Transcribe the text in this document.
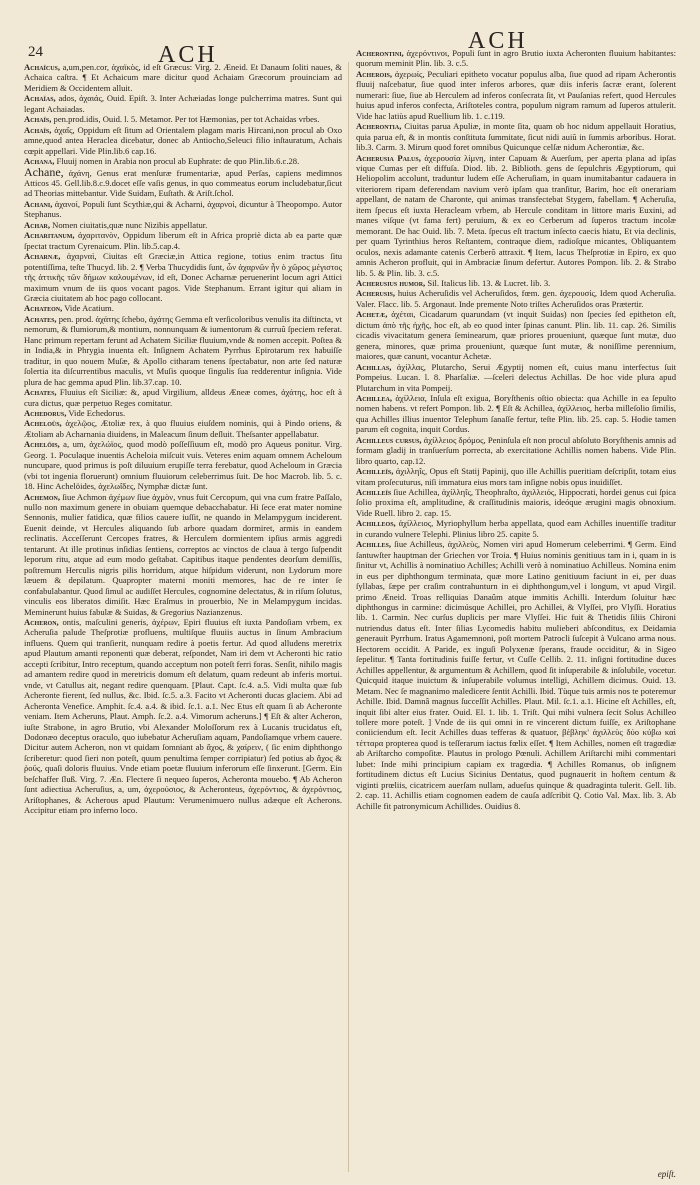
24	ACH
ACH

Achaïcus, a,um,pen.cor, ἀχαϊκὸς, id eſt Græcus: Virg. 2. Æneid. Et Danaum ſoliti naues, & Achaica caſtra. ¶ Et Achaicum mare dicitur quod Achaiam Græcorum prouinciam ad Meridiem & Occidentem alluit.

Achaïas, ados, ἀχαιάς, Ouid. Epiſt. 3. Inter Achæiadas longe pulcherrima matres. Sunt qui legant Achaiadas.

Achaïs, pen.prod.idis, Ouid. l. 5. Metamor. Per tot Hæmonias, per tot Achaidas vrbes.

Achaïs, ἀχαΐς, Oppidum eſt ſitum ad Orientalem plagam maris Hircani,non procul ab Oxo amne,quod antea Heraclea dicebatur, donec ab Antiocho,Seleuci filio inſtauratum, Achais cœpit appellari. Vide Plin.lib.6 cap.16.

Achana, Fluuij nomen in Arabia non procul ab Euphrate: de quo Plin.lib.6.c.28.

Achane, ἀχάνη, Genus erat menſuræ frumentariæ, apud Perſas, capiens medimnos Atticos 45. Gell.lib.8.c.9.docet eſſe vaſis genus, in quo commeatus eorum includebatur,ſicut ad Theorias mittebantur. Vide Suidam, Euſtath. & Ariſt.ſchol.

Achani, ἀχανοί, Populi ſunt Scythiæ,qui & Acharni, ἀχαρνοὶ, dicuntur à Theopompo. Autor Stephanus.

Achar, Nomen ciuitatis,quæ nunc Nizibis appellatur.

Acharitanum, ἀχαριτανὸν, Oppidum liberum eſt in Africa propriè dicta ab ea parte quæ ſpectat tractum Cyrenaicum. Plin. lib.5.cap.4.

Acharnæ, ἀχαρναὶ, Ciuitas eſt Græciæ,in Attica regione, totius enim tractus ſitu potentiſſima, teſte Thucyd. lib. 2. ¶ Verba Thucydidis ſunt, ὦν ἀχαρνῶν ἦν ὁ χῶρος μέγιστος τῆς ἀττικῆς τῶν δήμων καλουμένων, id eſt, Donec Acharnæ peruenerint locum agri Attici maximum vnum de iis quos vocant pagos. Vide Stephanum. Errant igitur qui aliam in Græcia ciuitatem ab hoc pago collocant.

Achateon, Vide Acatium.

Achates, pen. prod. ἀχάτης ſchebo, ἀχάτης Gemma eſt verſicoloribus venulis ita diſtincta, vt nemorum, & flumiorum,& montium, nonnunquam & iumentorum & curruũ ſpeciem referat. Hanc primum repertam ferunt ad Achatem Siciliæ fluuium,vnde & nomen accepit. Poſtea & in India,& in Phrygia inuenta eſt. Inſignem Achatem Pyrrhus Epirotarum rex habuiſſe traditur, in quo nouem Muſæ, & Apollo citharam tenens ſpectabatur, non arte ſed naturæ ſolertia ita diſcurrentibus maculis, vt Muſis quoque ſingulis ſua redderentur inſignia. Vide plura de hac gemma apud Plin. lib.37.cap. 10.

Achates, Fluuius eſt Siciliæ: &, apud Virgilium, alldeus Æneæ comes, ἀχάτης, hoc eſt à cura dictus, quæ perpetuo Reges comitatur.

Achedorus, Vide Echedorus.

Acheloüs, ἀχελῷος, Ætoliæ rex, à quo fluuius eiuſdem nominis, qui à Pindo oriens, & Ætoliam ab Acharnania diuidens, in Maleacum ſinum deſluit. Theſsanter appellabatur.

Achelöis, a, um, ἀχελώϊος, quod modò poſſeſſiuum eſt, modò pro Aqueus ponitur. Virg. Georg. 1. Poculaque inuentis Acheloia miſcuit vuis. Veteres enim aquam omnem Acheloum nuncupare, quod primus is poſt diluuium erupiſſe terra ferebatur, quod Acheloum in Græcia (vbi tot ingenia floruerunt) omnium fluuiorum celeberrimus ſuit. De hoc Macrob. lib. 5. c. 18. Hinc Achelöides, ἀχελωΐδες, Nymphæ dictæ ſunt.

Achemon, ſiue Achmon ἀχέμων ſiue ἀχμὸν, vnus fuit Cercopum, qui vna cum fratre Paſſalo, nullo non maximum genere in obuiam quemque debacchabatur. Hi ſece erat mater nomine Sennonis, mulier fatidica, quæ filios cauere iuſſit, ne quando in Melampygum inciderent. Euenit deinde, vt Hercules aliquando ſub arbore quadam dormiret, armis in eandem reclinatis. Acceſſerunt Cercopes fratres, & Herculem dormientem ipſius armis aggredi tentarunt. At ille protinus inſidias ſentiens, correptos ac vinctos de claua à tergo ſuſpendit leporum ritu, atque ad eum modo geſtabat. Capitibus itaque pendentes deorſum demiſſis, poſtremum Herculis nigris pilis horridum, atque hiſpidum viderunt, non Lydorum more læuem & depilatum. Quapropter materni moniti memores, hac de re inter ſe confabulabantur. Quod ſimul ac audiſſet Hercules, cognomine delectatus, & in riſum ſolutus, vinculis eos liberatos dimiſit. Hæc Eraſmus in prouerbio, Ne in Melampygum incidas. Meminerunt huius fabulæ & Suidas, & Gregorius Nazianzenus.

Acheron, ontis, maſculini generis, ἀχέρων, Epiri fluuius eſt iuxta Pandoſiam vrbem, ex Acheruſia palude Theſprotiæ profluens, multiſque fluuiis auctus in ſinum Ambracium influens. Quem qui tranſierit, nunquam redire à poetis fertur. Ad quod alludens meretrix apud Plautum amanti reponenti quæ deberat, reſpondet, Nam iri dem vt Acheronti hic ratio accepti ſcribitur, Intro receptum, quando acceptum non poteſt ferri foras. Senſit, nihilo magis ad amantem redire quod in meretricis domum eſt delatum, quam redeunt ab inferis mortui. vnde, vt Catullus ait, negant redire quenquam. [Plaut. Capt. ſc.4. a.5. Vidi multa quæ ſub Acheronte fierent, ſed nullus, &c. Ibid. ſc.5. a.3. Facito vt Acheronti ducas glaciem. Abi ad Acheronta Venefice. Amphit. ſc.4. a.4. & ibid. ſc.1. a.1. Nec Etus eſt quam ſi ab Acheronte veniam. Item Acheruns, Plaut. Amph. ſc.2. a.4. Vimorum acheruns.] ¶ Eſt & alter Acheron, iuſte Strabone, in agro Brutio, vbi Alexander Moloſſorum rex à Lucanis trucidatus eſt, Dodonæo deceptus oraculo, quo iubebatur Acheruſiam aquam, Pandoſiamque vrbem cauere. Dicitur autem Acheron, non vt quidam ſomniant ab ἄχος, & χαίρειν, ( ſic enim diphthongo ſcriberetur: quod ſieri non poteſt, quum penultima ſemper corripiatur) ſed potius ab ἄχος & ῥοῦς, quaſi doloris fluuius. Vnde etiam poetæ fluuium inferorum eſſe ſinxerunt. [Germ. Ein beſchaffer ſluß. Virg. 7. Æn. Flectere ſi nequeo ſuperos, Acheronta mouebo. ¶ Ab Acheron ſunt adiectiua Acheruſius, a, um, ἀχερούσιος, & Acheronteus, ἀχερόντιος, & ἀχερόντιος, Ariſtophanes, & Acherous apud Plautum: Verumenimuero nullus adæque eſt Acherons. Accipitur etiam pro inferno loco.

Acherontini, ἀχερόντινοι, Populi ſunt in agro Brutio iuxta Acheronten fluuium habitantes: quorum meminit Plin. lib. 3. c.5.

Acherois, ἀχερωίς, Peculiari epitheto vocatur populus alba, ſiue quod ad ripam Acherontis fluuij naſcebatur, ſiue quod inter inferos arbores, quæ diis inferis ſacræ erant, ſolerent numerari: ſiue, ſiue ab Herculem ad inferos conſecrata ſit, vt Pauſanias refert, quod Hercules huius apud inferos confecta, Ariſtoteles contra, populum nigram ramum ad ſuperos attulerit. Vide hac latiùs apud Ruellium lib. 1. c.119.

Acherontia, Ciuitas parua Apuliæ, in monte ſita, quam ob hoc nidum appellauit Horatius, quia parua eſt, & in montis conſtituta ſummitate, ſicut nidi auiũ in ſummis arboribus. Horat. lib.3. Carm. 3. Mirum quod foret omnibus Quicunque celſæ nidum Acherontiæ, &c.

Acherusia Palus, ἀχερουσία λίμνη, inter Capuam & Auerſum, per aperta plana ad ipſas vique Cumas per eſt diffuſa. Diod. lib. 2. Biblioth. gens de ſepulchris Ægyptiorum, qui Heliopolim accolunt, traduntur ludem eſſe Acheruſiam, in quam inumitabantur cadauera in viteriorem ripam deferendam navium verò ipſam qua tranſitur, Barim, hoc eſt onerariam appellant, de natam de Charonte, qui animas transfectebat Stygem, fabellam. ¶ Acheruſia, item ſpecus eſt iuxta Heracleam vrbem, ab Hercule conditam in littore maris Euxini, ad manes viſque (vt fama fert) peruium, & ex eo Cerberum ad ſuperos tractum incolæ memorant. De hac Ouid. lib. 7. Meta. ſpecus eſt tractum inſecto caecis hiatu, Et via declinis, per quam Tyrinthius heros Reſtantem, contraque diem, radioſque micantes, Obliquantem oculos, nexis adamante catenis Cerberõ attraxit. ¶ Item, lacus Theſprotiæ in Epiro, ex quo amnis Acheron profluit, qui in Ambraciæ ſinum defertur. Autores Pompon. lib. 2. & Strabo lib. 5. & Plin. lib. 3. c.5.

Acherusius humor, Sil. Italicus lib. 13. & Lucret. lib. 3.

Acherusis, huius Acheruſidis vel Acheruſidos, fœm. gen. ἀχερουσίς, Idem quod Acheruſia. Valer. Flacc. lib. 5. Argonaut. Inde premente Noto triſtes Acheruſidos oras Prætertir.

Achetæ, ἀχέται, Cicadarum quarundam (vt inquit Suidas) non ſpecies ſed epitheton eſt, dictum ἀπὸ τῆς ἠχῆς, hoc eſt, ab eo quod inter ſpinas canunt. Plin. lib. 11. cap. 26. Similis cicadis vivacitatum genera ſeminearum, quæ priores proueniunt, quæque ſunt mutæ, duo genera, minores, quæ prima proueniunt, quæque ſunt mutæ, & noniſſime perennium, maiores, quæ canunt, vocantur Achetæ.

Achillas, ἀχίλλας, Plutarcho, Serui Ægyptij nomen eſt, cuius manu interfectus ſuit Pompeius. Lucan. l. 8. Pharſaliæ. —ſceleri delectus Achillas. De hoc vide plura apud Plutarchum in vita Pompeij.

Achillea, ἀχίλλεια, Inſula eſt exigua, Boryſthenis oſtio obiecta: qua Achille in ea ſepulto nomen habens. vt refert Pompon. lib. 2. ¶ Eſt & Achillea, ἀχίλλειος, herba milleſolio ſimilis, qua Achilles illius inuentor Telephum ſanaſſe fertur, teſte Plin. lib. 25. cap. 5. Hodie tamen parum eſt cognita, inquit Cordus.

Achilleus cursus, ἀχίλλειος δρόμος, Peninſula eſt non procul abſoluto Boryſthenis amnis ad formam gladij in tranſuerſum porrecta, ab exercitatione Achillis nomen habens. Vide Plin. libro quarto, cap.12.

Achilleïs, ἀχιλληΐς, Opus eſt Statij Papinij, quo ille Achillis pueritiam deſcripſit, totam eius vitam proſecuturus, niſi immatura eius mors tam inſigne nobis opus inuidiſſet.

Achilleïs ſiue Achillea, ἀχίλληΐς, Theophraſto, ἀχιλλειός, Hippocrati, hordei genus cui ſpica ſolio proxima eſt, amplitudine, & craſſitudinis maioris, ideóque ærugini magis obnoxium. Vide Ruell. libro 2. cap. 15.

Achilleos, ἀχίλλειος, Myriophyllum herba appellata, quod eam Achilles inuentiſſe traditur in curando vulnere Telephi. Plinius libro 25. capite 5.

Achilles, ſiue Achilleus, ἀχιλλεὺς, Nomen viri apud Homerum celeberrimi. ¶ Germ. Eind ſantuwſter hauptman der Griechen vor Troia. ¶ Huius nominis genitiuus tam in i, quam in is ſinitur vt, Achillis à nominatiuo Achilles; Achilli verò à nominatiuo Achilleus. Nomina enim in eus per diphthongum terminata, quæ more Latino genitiuum faciunt in ei, per duas ſyllabas, ſæpe per craſim contrahunturn in ei diphthongum,vel i longum, vt apud Virgil. primo Æneid. Troas relliquias Danaûm atque immitis Achilli. Interdum ſoluitur hæc diphthongus in carmine: dicimúsque Achillei, pro Achillei, & Vlyſſei, pro Vlyſſi. Horatius lib. 1. Carmin. Nec curſus duplicis per mare Vlyſſei. Hic fuit & Thetidis ſiliis Chironi nutriendus datus eſt. Inter ſilias Lycomedis habitu mulieberi abſconditus, ex Deidamia generauit Pyrrhum. Iratus Agamemnoni, poſt mortem Patrocli ſuſcepit à Vulcano arma nous. Hectorem occidit. A Paride, ex inguſi Polyxenæ ſperans, fraude occiditur, & in Sigeo ſepelitur. ¶ Tanta fortitudinis fuiſſe fertur, vt Cuſſe Cellib. 2. 11. inſigni fortitudine duces Achilles appellentur, & argumentum & Achillem, quod ſit inſuperabile & inſolubile, vocetur. Quicquid itaque inuictum & inſuperabile volumus intelligi, Achillem dicimus. Ouid. 13. Metam. Nec ſe magnanimo maledicere ſentit Achilli. Ibid. Tùque tuis armis nos te poteremur Achille. Ibid. Damnâ magnus ſucceſſit Achilles. Plaut. Mil. ſc.1. a.1. Hicine eſt Achilles, eſt, inquit ſibi alter eius frater. Ouid. El. 1. lib. 1. Triſt. Qui mihi vulnera ſecit Solus Achilleo tollere more poteſt. ] Vnde de iis qui omni in re vincerent dictum fuiſſe, ex Ariſtophane coniiciendum eſt. Iecit Achilles duas tefferas & quatuor, βέβληκ' ἀχιλλεὺς δύο κύβω καὶ τέτταρα propterea quod is teſſerarum iactus fœlix eſſet. ¶ Item Achilles, nomen eſt tragœdiæ ab Ariſtarcho compoſitæ. Plautus in prologo Pœnuli. Achillem Ariſtarchi mihi commentari lubet: Inde mihi principium capiam ex tragœdia. ¶ Achilles Romanus, ob inſignem fortitudinem dictus eſt Lucius Sicinius Dentatus, quod pugnauerit in hoſtem centum & viginti prœliis, cicatricem auerſam nullam, adueſus quinque & quadraginta tulerit. Gell. lib. 2. cap. 11. Achillis etiam cognomen eadem de cauſa adſcribit Q. Cotio Val. Max. lib. 3. Ab Achille fit patronymicum Achillides. Ouidius 8.

epiſt.
